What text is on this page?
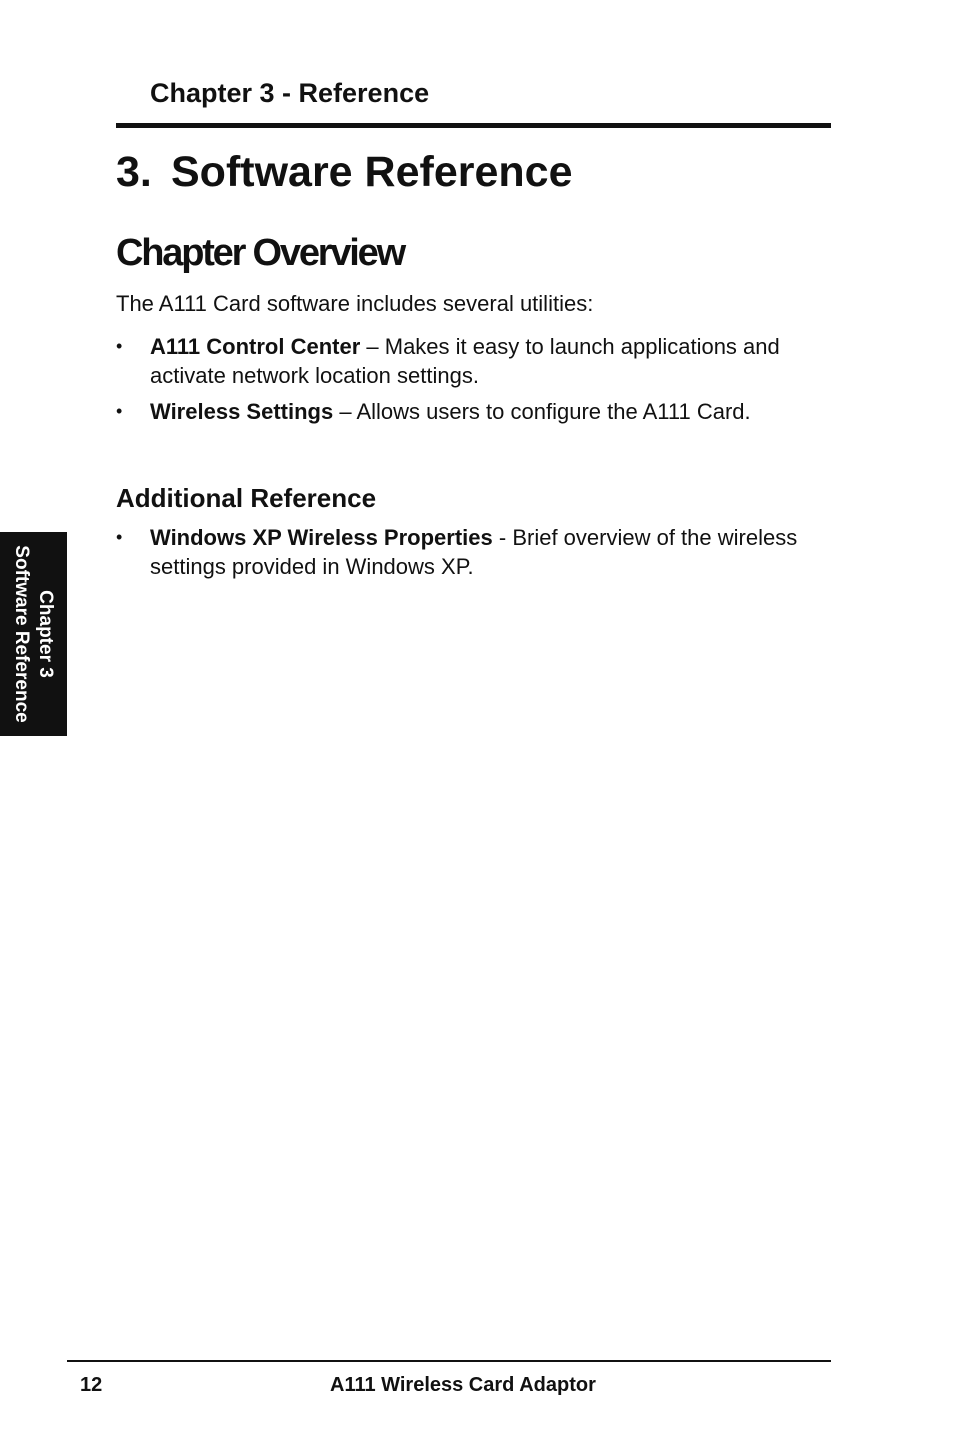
Chapter 3 - Reference
3. Software Reference
Chapter Overview

The A111 Card software includes several utilities:

• A111 Control Center – Makes it easy to launch applications and activate network location settings.
• Wireless Settings – Allows users to configure the A111 Card.
Additional Reference
• Windows XP Wireless Properties - Brief overview of the wireless settings provided in Windows XP.
Chapter 3
Software Reference
12	A111 Wireless Card Adaptor
